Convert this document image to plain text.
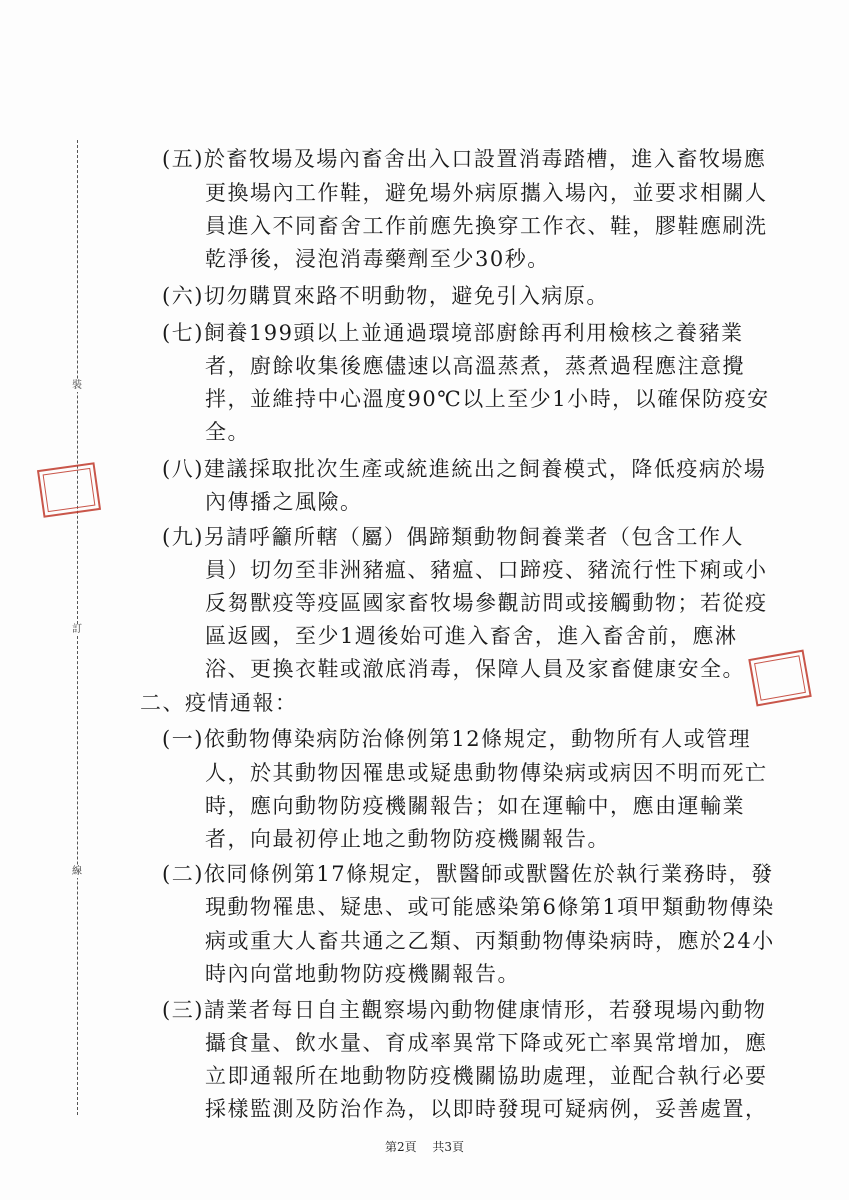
裝
訂
線
(五)於畜牧場及場內畜舍出入口設置消毒踏槽，進入畜牧場應
更換場內工作鞋，避免場外病原攜入場內，並要求相關人
員進入不同畜舍工作前應先換穿工作衣、鞋，膠鞋應刷洗
乾淨後，浸泡消毒藥劑至少30秒。
(六)切勿購買來路不明動物，避免引入病原。
(七)飼養199頭以上並通過環境部廚餘再利用檢核之養豬業
者，廚餘收集後應儘速以高溫蒸煮，蒸煮過程應注意攪
拌，並維持中心溫度90℃以上至少1小時，以確保防疫安
全。
(八)建議採取批次生產或統進統出之飼養模式，降低疫病於場
內傳播之風險。
(九)另請呼籲所轄（屬）偶蹄類動物飼養業者（包含工作人
員）切勿至非洲豬瘟、豬瘟、口蹄疫、豬流行性下痢或小
反芻獸疫等疫區國家畜牧場參觀訪問或接觸動物；若從疫
區返國，至少1週後始可進入畜舍，進入畜舍前，應淋
浴、更換衣鞋或澈底消毒，保障人員及家畜健康安全。
二、疫情通報：
(一)依動物傳染病防治條例第12條規定，動物所有人或管理
人，於其動物因罹患或疑患動物傳染病或病因不明而死亡
時，應向動物防疫機關報告；如在運輸中，應由運輸業
者，向最初停止地之動物防疫機關報告。
(二)依同條例第17條規定，獸醫師或獸醫佐於執行業務時，發
現動物罹患、疑患、或可能感染第6條第1項甲類動物傳染
病或重大人畜共通之乙類、丙類動物傳染病時，應於24小
時內向當地動物防疫機關報告。
(三)請業者每日自主觀察場內動物健康情形，若發現場內動物
攝食量、飲水量、育成率異常下降或死亡率異常增加，應
立即通報所在地動物防疫機關協助處理，並配合執行必要
採樣監測及防治作為，以即時發現可疑病例，妥善處置，
第2頁 共3頁
